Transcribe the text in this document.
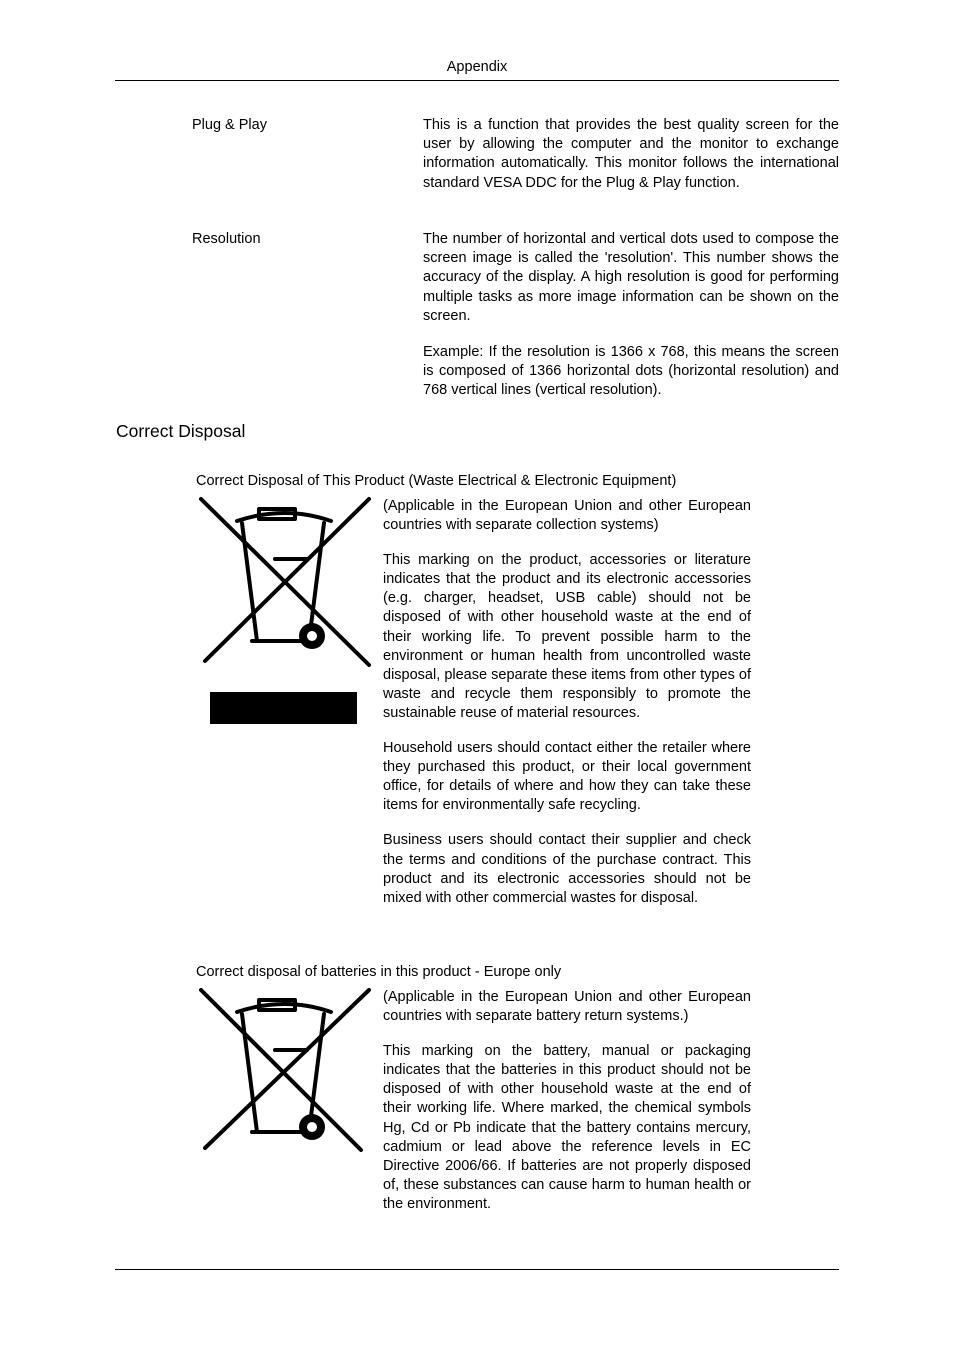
Appendix
Plug & Play	This is a function that provides the best quality screen for the user by allowing the computer and the monitor to exchange information automatically. This monitor follows the international standard VESA DDC for the Plug & Play function.

Resolution	The number of horizontal and vertical dots used to compose the screen image is called the 'resolution'. This number shows the accuracy of the display. A high resolution is good for performing multiple tasks as more image information can be shown on the screen.

Example: If the resolution is 1366 x 768, this means the screen is composed of 1366 horizontal dots (horizontal resolution) and 768 vertical lines (vertical resolution).

Correct Disposal
Correct Disposal of This Product (Waste Electrical & Electronic Equipment)

(Applicable in the European Union and other European countries with separate collection systems)

This marking on the product, accessories or literature indicates that the product and its electronic accessories (e.g. charger, headset, USB cable) should not be disposed of with other household waste at the end of their working life. To prevent possible harm to the environment or human health from uncontrolled waste disposal, please separate these items from other types of waste and recycle them responsibly to promote the sustainable reuse of material resources.

Household users should contact either the retailer where they purchased this product, or their local government office, for details of where and how they can take these items for environmentally safe recycling.

Business users should contact their supplier and check the terms and conditions of the purchase contract. This product and its electronic accessories should not be mixed with other commercial wastes for disposal.

Correct disposal of batteries in this product - Europe only

(Applicable in the European Union and other European countries with separate battery return systems.)

This marking on the battery, manual or packaging indicates that the batteries in this product should not be disposed of with other household waste at the end of their working life. Where marked, the chemical symbols Hg, Cd or Pb indicate that the battery contains mercury, cadmium or lead above the reference levels in EC Directive 2006/66. If batteries are not properly disposed of, these substances can cause harm to human health or the environment.
